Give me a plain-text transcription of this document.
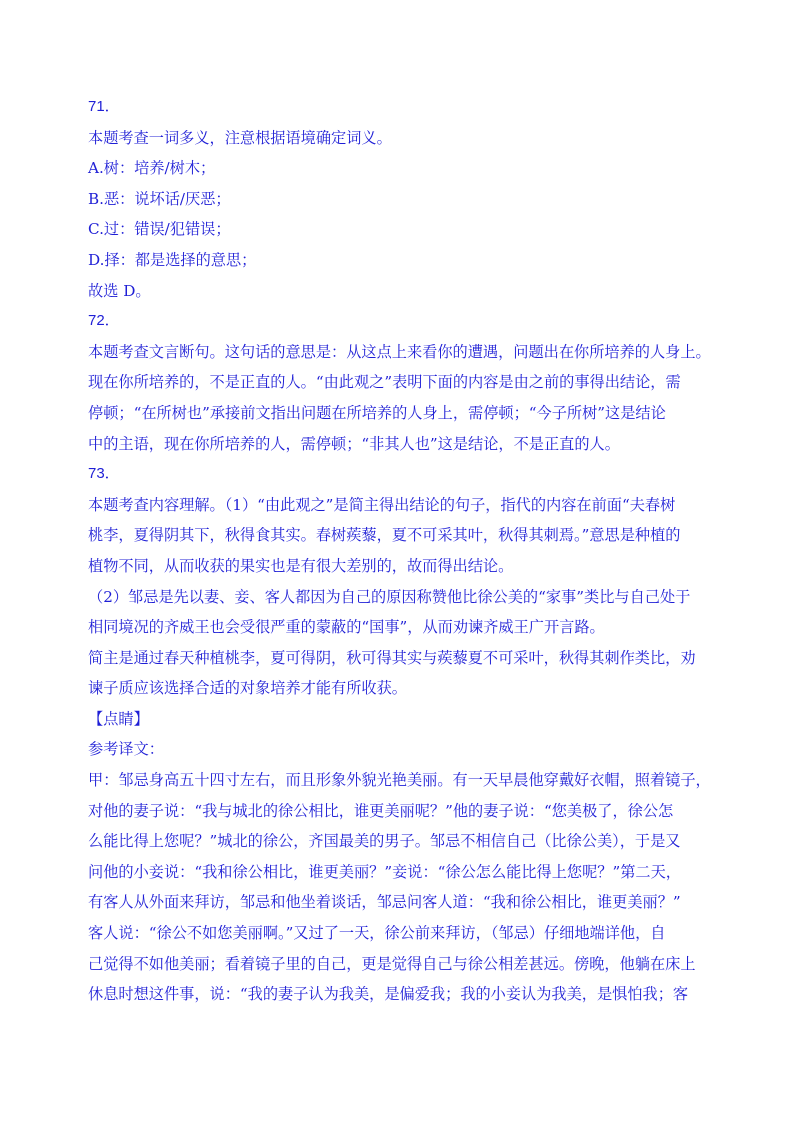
71．

本题考查一词多义，注意根据语境确定词义。

A.树：培养/树木；

B.恶：说坏话/厌恶；

C.过：错误/犯错误；

D.择：都是选择的意思；

故选 D。

72．

本题考查文言断句。这句话的意思是：从这点上来看你的遭遇，问题出在你所培养的人身上。

现在你所培养的，不是正直的人。“由此观之”表明下面的内容是由之前的事得出结论，需

停顿；“在所树也”承接前文指出问题在所培养的人身上，需停顿；“今子所树”这是结论

中的主语，现在你所培养的人，需停顿；“非其人也”这是结论，不是正直的人。

73．

本题考查内容理解。（1）“由此观之”是简主得出结论的句子，指代的内容在前面“夫春树

桃李，夏得阴其下，秋得食其实。春树蒺藜，夏不可采其叶，秋得其刺焉。”意思是种植的

植物不同，从而收获的果实也是有很大差别的，故而得出结论。

（2）邹忌是先以妻、妾、客人都因为自己的原因称赞他比徐公美的“家事”类比与自己处于

相同境况的齐威王也会受很严重的蒙蔽的“国事”，从而劝谏齐威王广开言路。

简主是通过春天种植桃李，夏可得阴，秋可得其实与蒺藜夏不可采叶，秋得其刺作类比，劝

谏子质应该选择合适的对象培养才能有所收获。

【点睛】

参考译文：

甲：邹忌身高五十四寸左右，而且形象外貌光艳美丽。有一天早晨他穿戴好衣帽，照着镜子，

对他的妻子说：“我与城北的徐公相比，谁更美丽呢？”他的妻子说：“您美极了，徐公怎

么能比得上您呢？”城北的徐公，齐国最美的男子。邹忌不相信自己（比徐公美），于是又

问他的小妾说：“我和徐公相比，谁更美丽？”妾说：“徐公怎么能比得上您呢？”第二天，

有客人从外面来拜访，邹忌和他坐着谈话，邹忌问客人道：“我和徐公相比，谁更美丽？”

客人说：“徐公不如您美丽啊。”又过了一天，徐公前来拜访，（邹忌）仔细地端详他，自

己觉得不如他美丽；看着镜子里的自己，更是觉得自己与徐公相差甚远。傍晚，他躺在床上

休息时想这件事，说：“我的妻子认为我美，是偏爱我；我的小妾认为我美，是惧怕我；客
